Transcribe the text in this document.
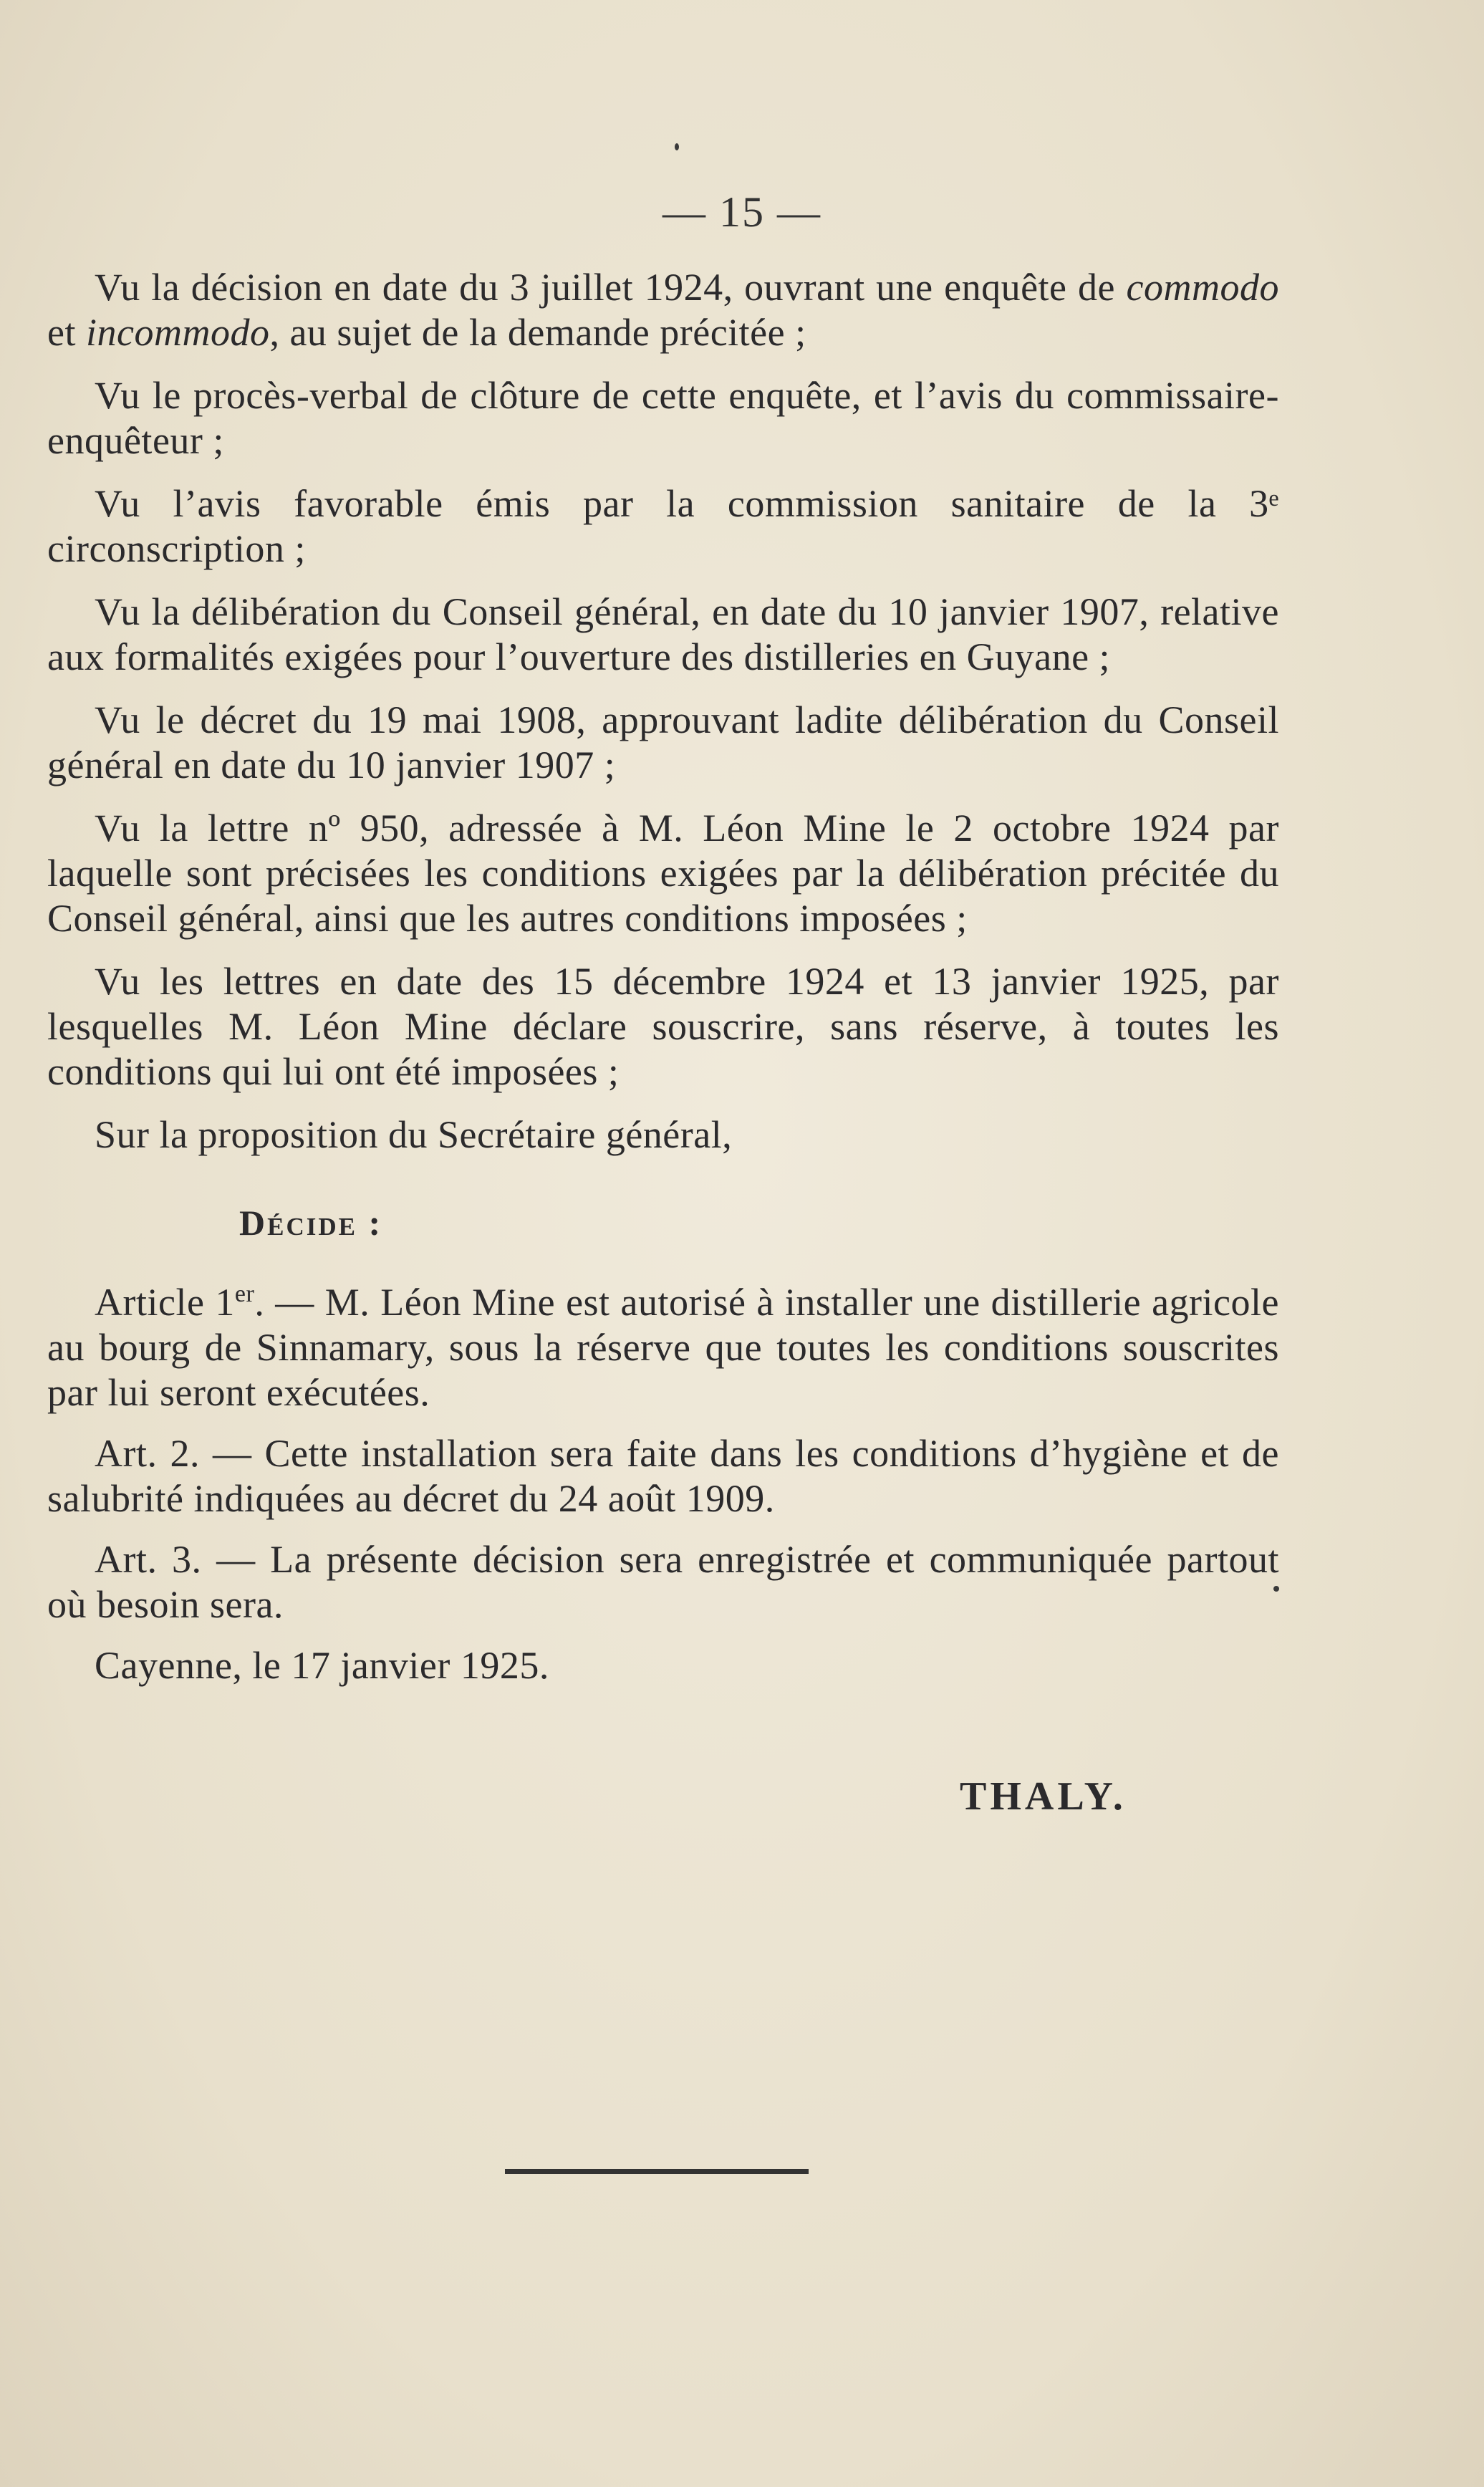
— 15 —

Vu la décision en date du 3 juillet 1924, ouvrant une enquête de commodo et incommodo, au sujet de la demande précitée ;

Vu le procès-verbal de clôture de cette enquête, et l’avis du commissaire-enquêteur ;

Vu l’avis favorable émis par la commission sanitaire de la 3ᵉ circonscription ;

Vu la délibération du Conseil général, en date du 10 janvier 1907, relative aux formalités exigées pour l’ouverture des distilleries en Guyane ;

Vu le décret du 19 mai 1908, approuvant ladite délibération du Conseil général en date du 10 janvier 1907 ;

Vu la lettre nº 950, adressée à M. Léon Mine le 2 octobre 1924 par laquelle sont précisées les conditions exigées par la délibération précitée du Conseil général, ainsi que les autres conditions imposées ;

Vu les lettres en date des 15 décembre 1924 et 13 janvier 1925, par lesquelles M. Léon Mine déclare souscrire, sans réserve, à toutes les conditions qui lui ont été imposées ;

Sur la proposition du Secrétaire général,

Décide :

Article 1er. — M. Léon Mine est autorisé à installer une distillerie agricole au bourg de Sinnamary, sous la réserve que toutes les conditions souscrites par lui seront exécutées.

Art. 2. — Cette installation sera faite dans les conditions d’hygiène et de salubrité indiquées au décret du 24 août 1909.

Art. 3. — La présente décision sera enregistrée et communiquée partout où besoin sera.

Cayenne, le 17 janvier 1925.

THALY.
